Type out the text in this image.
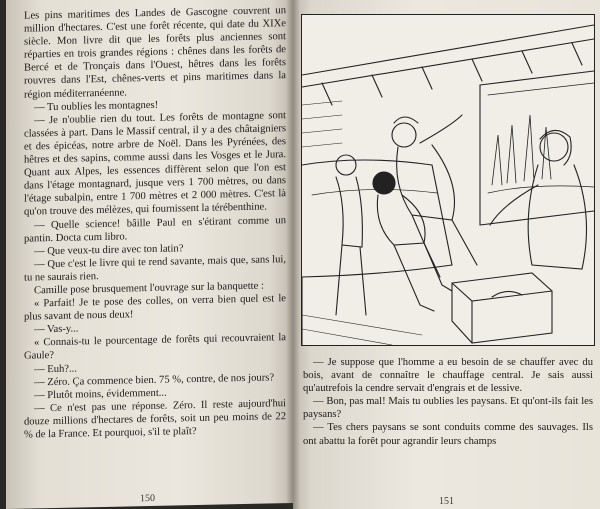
Les pins maritimes des Landes de Gascogne couvrent un million d'hectares. C'est une forêt récente, qui date du XIXe siècle. Mon livre dit que les forêts plus anciennes sont réparties en trois grandes régions : chênes dans les forêts de Bercé et de Tronçais dans l'Ouest, hêtres dans les forêts rouvres dans l'Est, chênes-verts et pins maritimes dans la région méditerranéenne.

— Tu oublies les montagnes!

— Je n'oublie rien du tout. Les forêts de montagne sont classées à part. Dans le Massif central, il y a des châtaigniers et des épicéas, notre arbre de Noël. Dans les Pyrénées, des hêtres et des sapins, comme aussi dans les Vosges et le Jura. Quant aux Alpes, les essences diffèrent selon que l'on est dans l'étage montagnard, jusque vers 1 700 mètres, ou dans l'étage subalpin, entre 1 700 mètres et 2 000 mètres. C'est là qu'on trouve des mélèzes, qui fournissent la térébenthine.

— Quelle science! bâille Paul en s'étirant comme un pantin. Docta cum libro.

— Que veux-tu dire avec ton latin?

— Que c'est le livre qui te rend savante, mais que, sans lui, tu ne saurais rien.

Camille pose brusquement l'ouvrage sur la banquette :

« Parfait! Je te pose des colles, on verra bien quel est le plus savant de nous deux!

— Vas-y...

« Connais-tu le pourcentage de forêts qui recouvraient la Gaule?

— Euh?...

— Zéro. Ça commence bien. 75 %, contre, de nos jours?

— Plutôt moins, évidemment...

— Ce n'est pas une réponse. Zéro. Il reste aujourd'hui douze millions d'hectares de forêts, soit un peu moins de 22 % de la France. Et pourquoi, s'il te plaît?

150

— Je suppose que l'homme a eu besoin de se chauffer avec du bois, avant de connaître le chauffage central. Je sais aussi qu'autrefois la cendre servait d'engrais et de lessive.

— Bon, pas mal! Mais tu oublies les paysans. Et qu'ont-ils fait les paysans?

— Tes chers paysans se sont conduits comme des sauvages. Ils ont abattu la forêt pour agrandir leurs champs

151
